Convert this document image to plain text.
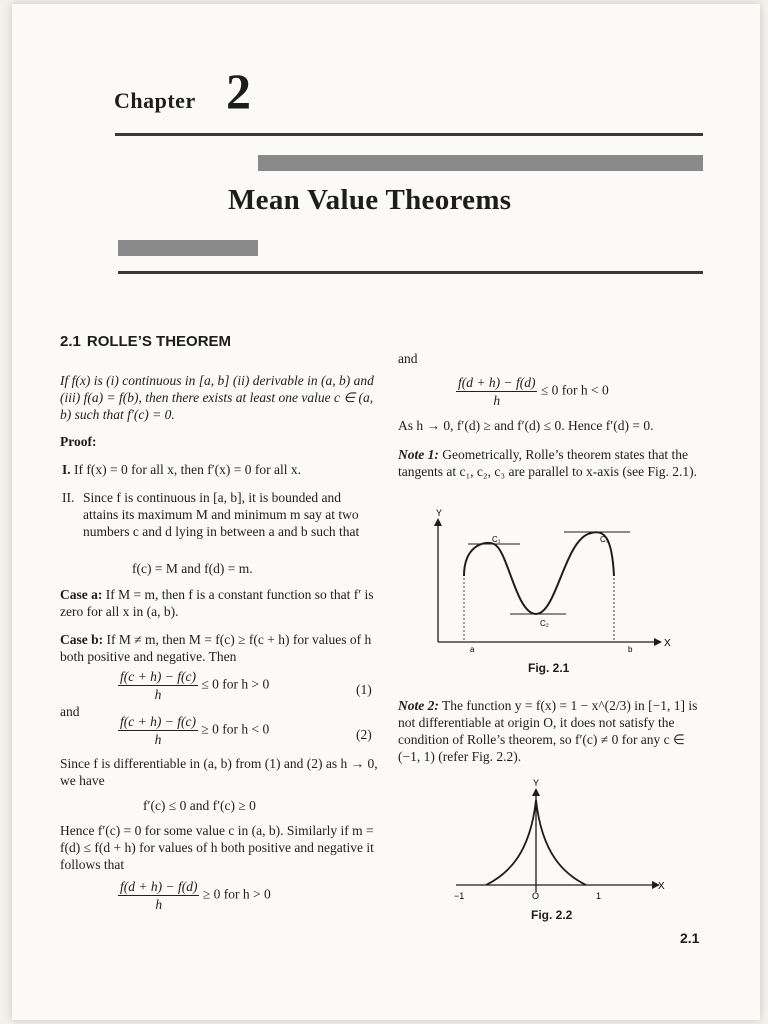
Chapter 2
Mean Value Theorems
2.1 ROLLE’S THEOREM
If f(x) is (i) continuous in [a, b] (ii) derivable in (a, b) and (iii) f(a) = f(b), then there exists at least one value c ∈ (a, b) such that f′(c) = 0.
Proof:
I. If f(x) = 0 for all x, then f′(x) = 0 for all x.
II. Since f is continuous in [a, b], it is bounded and attains its maximum M and minimum m say at two numbers c and d lying in between a and b such that
f(c) = M and f(d) = m.
Case a: If M = m, then f is a constant function so that f′ is zero for all x in (a, b).
Case b: If M ≠ m, then M = f(c) ≥ f(c + h) for values of h both positive and negative. Then
$\frac{f(c + h) - f(c)}{h} \le 0$ for h > 0	(1)
and
$\frac{f(c + h) - f(c)}{h} \ge 0$ for h < 0	(2)
Since f is differentiable in (a, b) from (1) and (2) as h → 0, we have
f′(c) ≤ 0 and f′(c) ≥ 0
Hence f′(c) = 0 for some value c in (a, b). Similarly if m = f(d) ≤ f(d + h) for values of h both positive and negative it follows that
$\frac{f(d + h) - f(d)}{h} \ge 0$ for h > 0
and
$\frac{f(d + h) - f(d)}{h} \le 0$ for h < 0
As h → 0, f′(d) ≥ and f′(d) ≤ 0. Hence f′(d) = 0.
Note 1: Geometrically, Rolle’s theorem states that the tangents at c₁, c₂, c₃ are parallel to x-axis (see Fig. 2.1).
Y
X
C₁
C₂
C₃
a	b
Fig. 2.1
Note 2: The function y = f(x) = 1 − x^(2/3) in [−1, 1] is not differentiable at origin O, it does not satisfy the condition of Rolle’s theorem, so f′(c) ≠ 0 for any c ∈ (−1, 1) (refer Fig. 2.2).
Y
X
−1	O	1
Fig. 2.2
2.1
